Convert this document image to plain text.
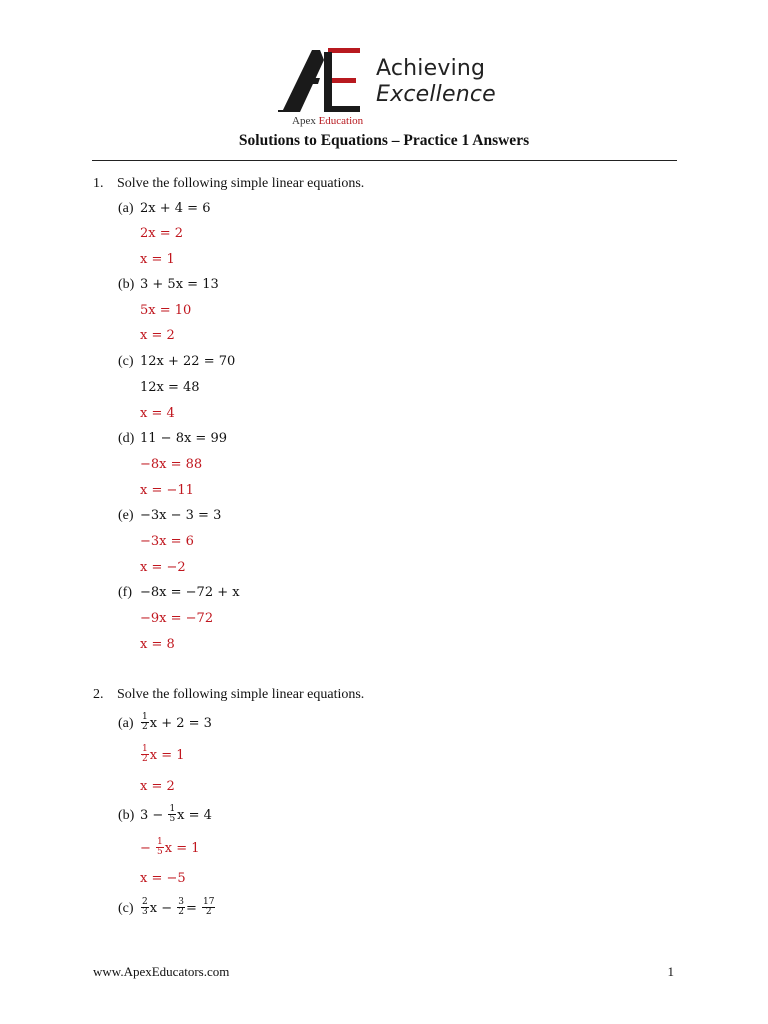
Achieving
Excellence
Apex Education
Solutions to Equations – Practice 1 Answers
1. Solve the following simple linear equations.
(a) 2x + 4 = 6
2x = 2
x = 1
(b) 3 + 5x = 13
5x = 10
x = 2
(c) 12x + 22 = 70
12x = 48
x = 4
(d) 11 − 8x = 99
−8x = 88
x = −11
(e) −3x − 3 = 3
−3x = 6
x = −2
(f) −8x = −72 + x
−9x = −72
x = 8
2. Solve the following simple linear equations.
$(a) \frac{1}{2}$ x + 2 = 3
$\frac{1}{2}$ x = 1
x = 2
(b) $3 - \frac{1}{5}$ x = 4
− $\frac{1}{5}$ x = 1
x = −5
$(c) \frac{2}{3}$ $x - \frac{3}{2} = \frac{17}{2}$
www.ApexEducators.com	1
